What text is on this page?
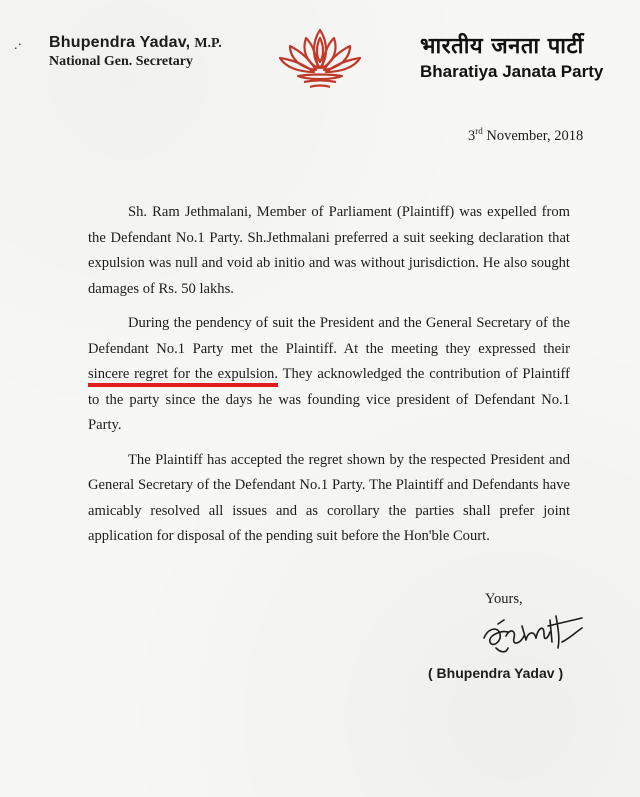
.· Bhupendra Yadav, M.P.
National Gen. Secretary
भारतीय जनता पार्टी
Bharatiya Janata Party
3rd November, 2018

Sh. Ram Jethmalani, Member of Parliament (Plaintiff) was expelled from the Defendant No.1 Party. Sh.Jethmalani preferred a suit seeking declaration that expulsion was null and void ab initio and was without jurisdiction. He also sought damages of Rs. 50 lakhs.

During the pendency of suit the President and the General Secretary of the Defendant No.1 Party met the Plaintiff. At the meeting they expressed their sincere regret for the expulsion. They acknowledged the contribution of Plaintiff to the party since the days he was founding vice president of Defendant No.1 Party.

The Plaintiff has accepted the regret shown by the respected President and General Secretary of the Defendant No.1 Party. The Plaintiff and Defendants have amicably resolved all issues and as corollary the parties shall prefer joint application for disposal of the pending suit before the Hon'ble Court.

Yours,
( Bhupendra Yadav )
